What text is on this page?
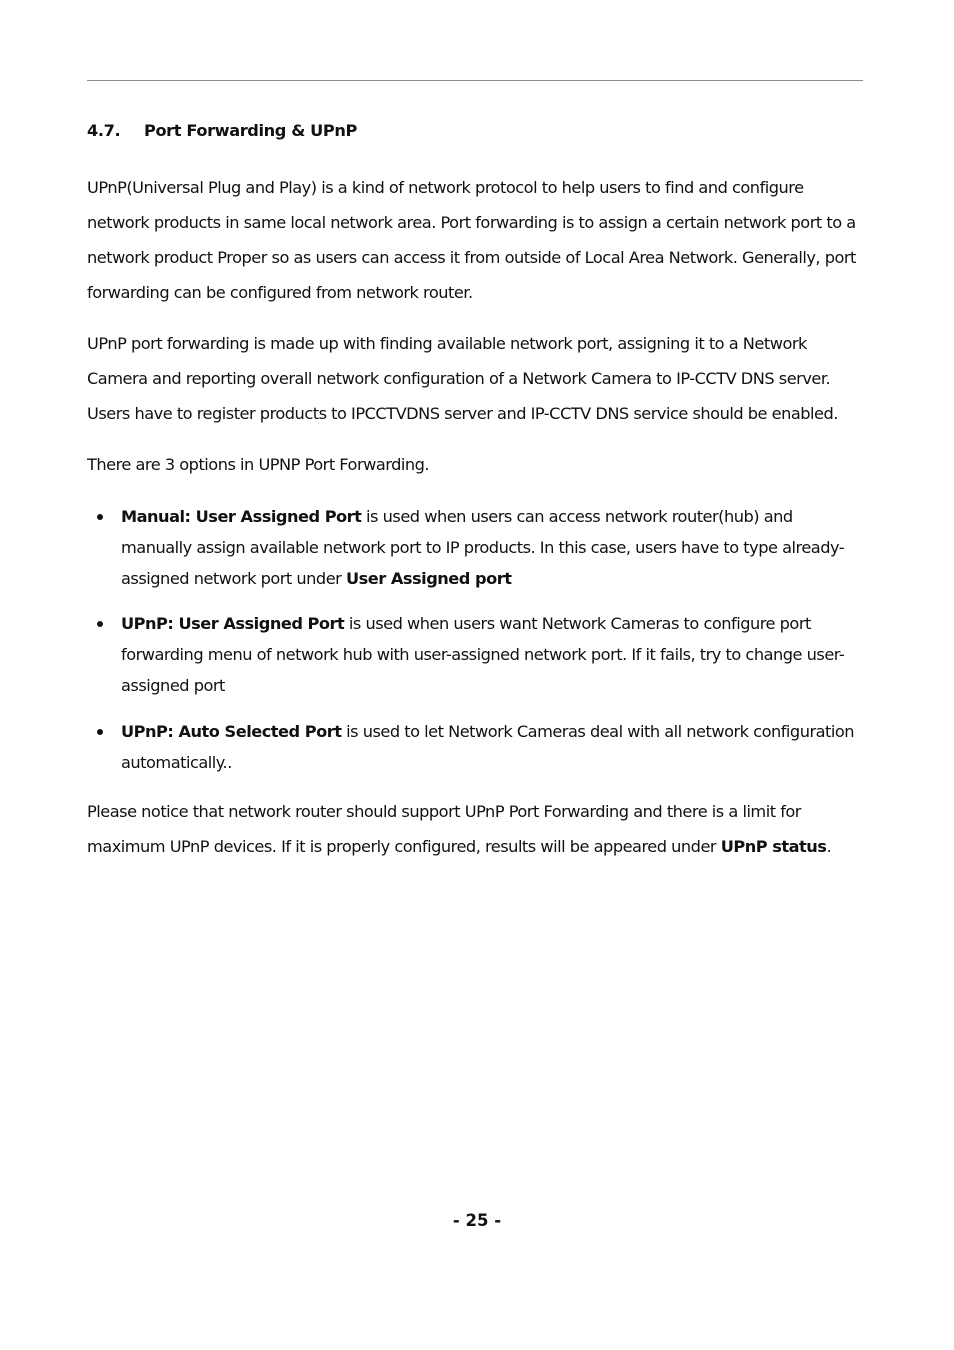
4.7. Port Forwarding & UPnP

UPnP(Universal Plug and Play) is a kind of network protocol to help users to find and configure network products in same local network area. Port forwarding is to assign a certain network port to a network product Proper so as users can access it from outside of Local Area Network. Generally, port forwarding can be configured from network router.

UPnP port forwarding is made up with finding available network port, assigning it to a Network Camera and reporting overall network configuration of a Network Camera to IP-CCTV DNS server. Users have to register products to IPCCTVDNS server and IP-CCTV DNS service should be enabled.

There are 3 options in UPNP Port Forwarding.

Manual: User Assigned Port is used when users can access network router(hub) and manually assign available network port to IP products. In this case, users have to type already-assigned network port under User Assigned port
UPnP: User Assigned Port is used when users want Network Cameras to configure port forwarding menu of network hub with user-assigned network port. If it fails, try to change user-assigned port
UPnP: Auto Selected Port is used to let Network Cameras deal with all network configuration automatically..

Please notice that network router should support UPnP Port Forwarding and there is a limit for maximum UPnP devices. If it is properly configured, results will be appeared under UPnP status.

- 25 -
